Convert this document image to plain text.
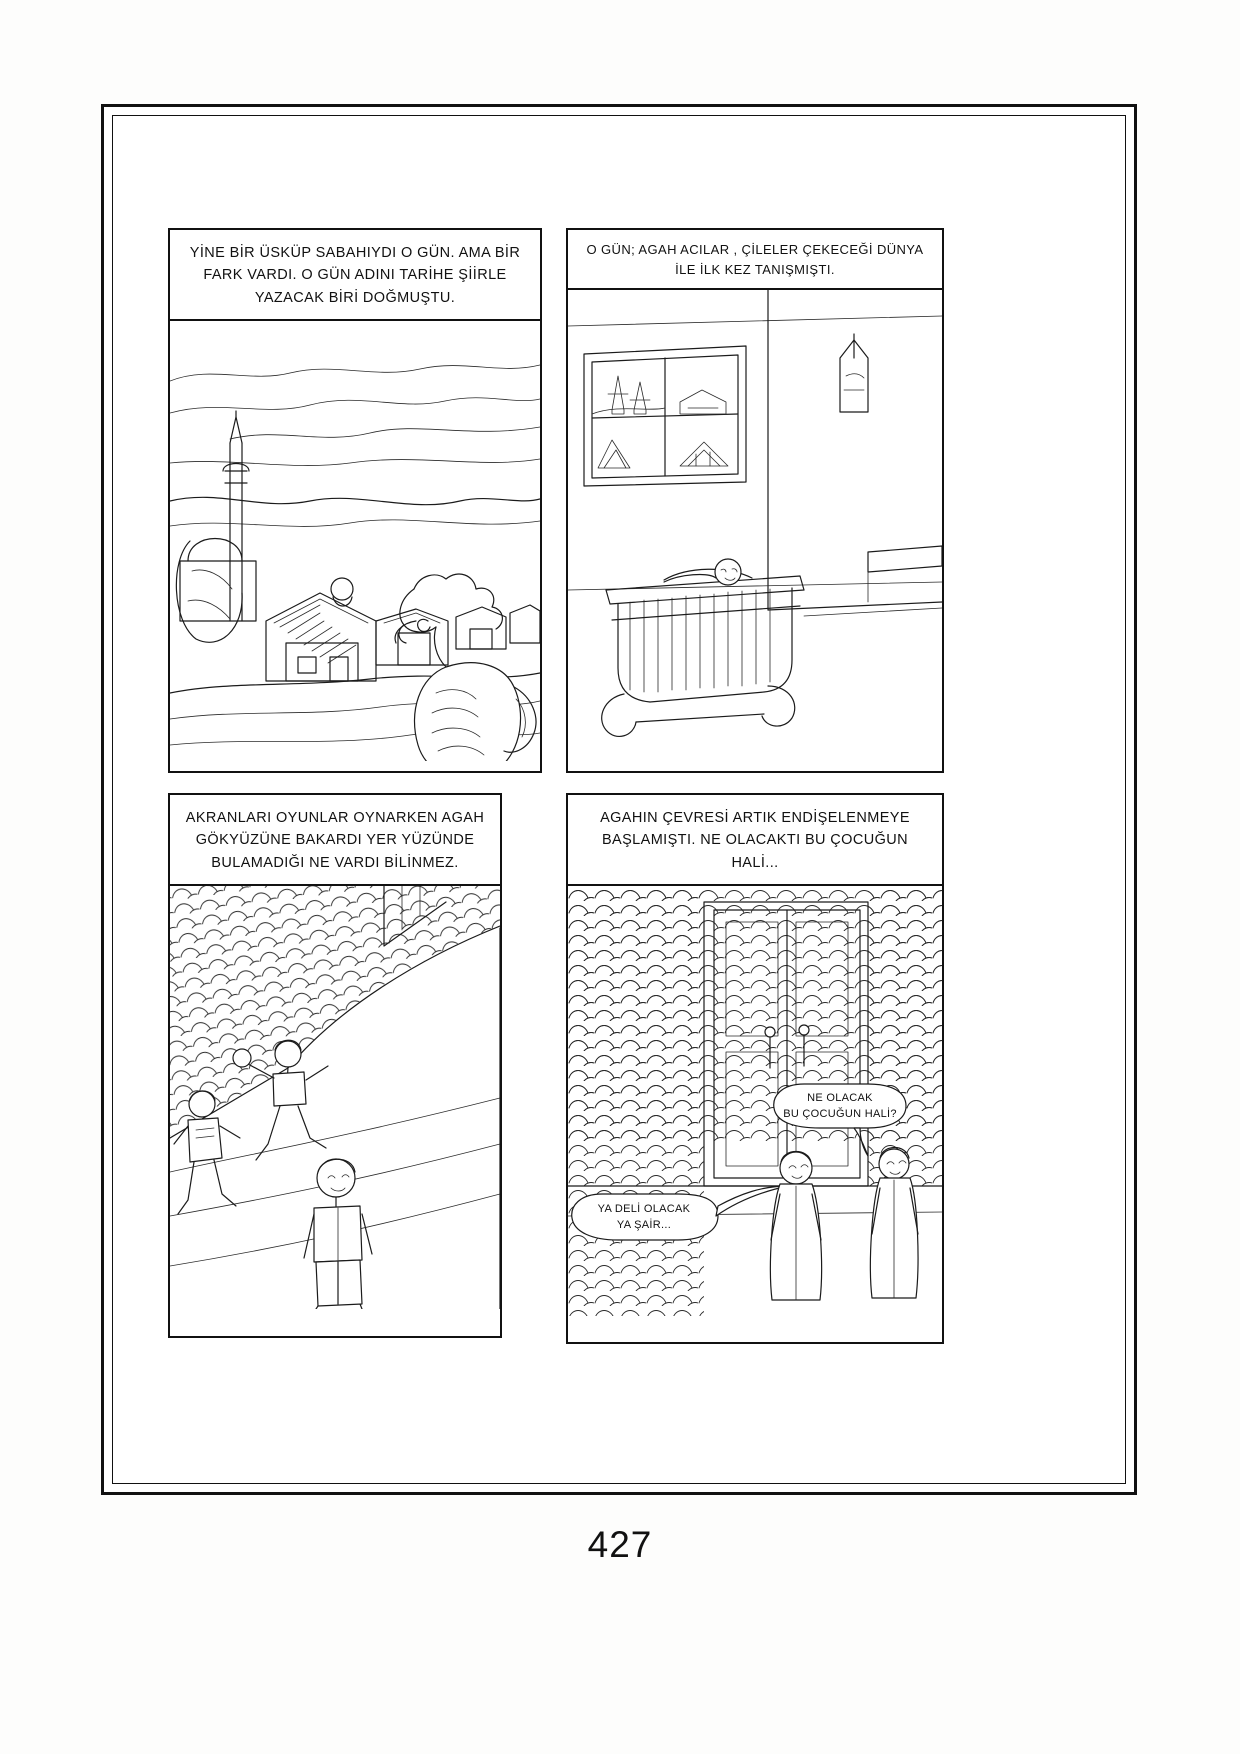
YİNE BİR ÜSKÜP SABAHIYDI O GÜN. AMA BİR FARK VARDI. O GÜN ADINI TARİHE ŞİİRLE YAZACAK BİRİ DOĞMUŞTU.
O GÜN; AGAH ACILAR , ÇİLELER ÇEKECEĞİ DÜNYA İLE İLK KEZ TANIŞMIŞTI.
AKRANLARI OYUNLAR OYNARKEN AGAH GÖKYÜZÜNE BAKARDI YER YÜZÜNDE BULAMADIĞI NE VARDI BİLİNMEZ.
AGAHIN ÇEVRESİ ARTIK ENDİŞELENMEYE BAŞLAMIŞTI. NE OLACAKTI BU ÇOCUĞUN HALİ...
NE OLACAK
BU ÇOCUĞUN HALİ?
YA DELİ OLACAK
YA ŞAİR...
427
